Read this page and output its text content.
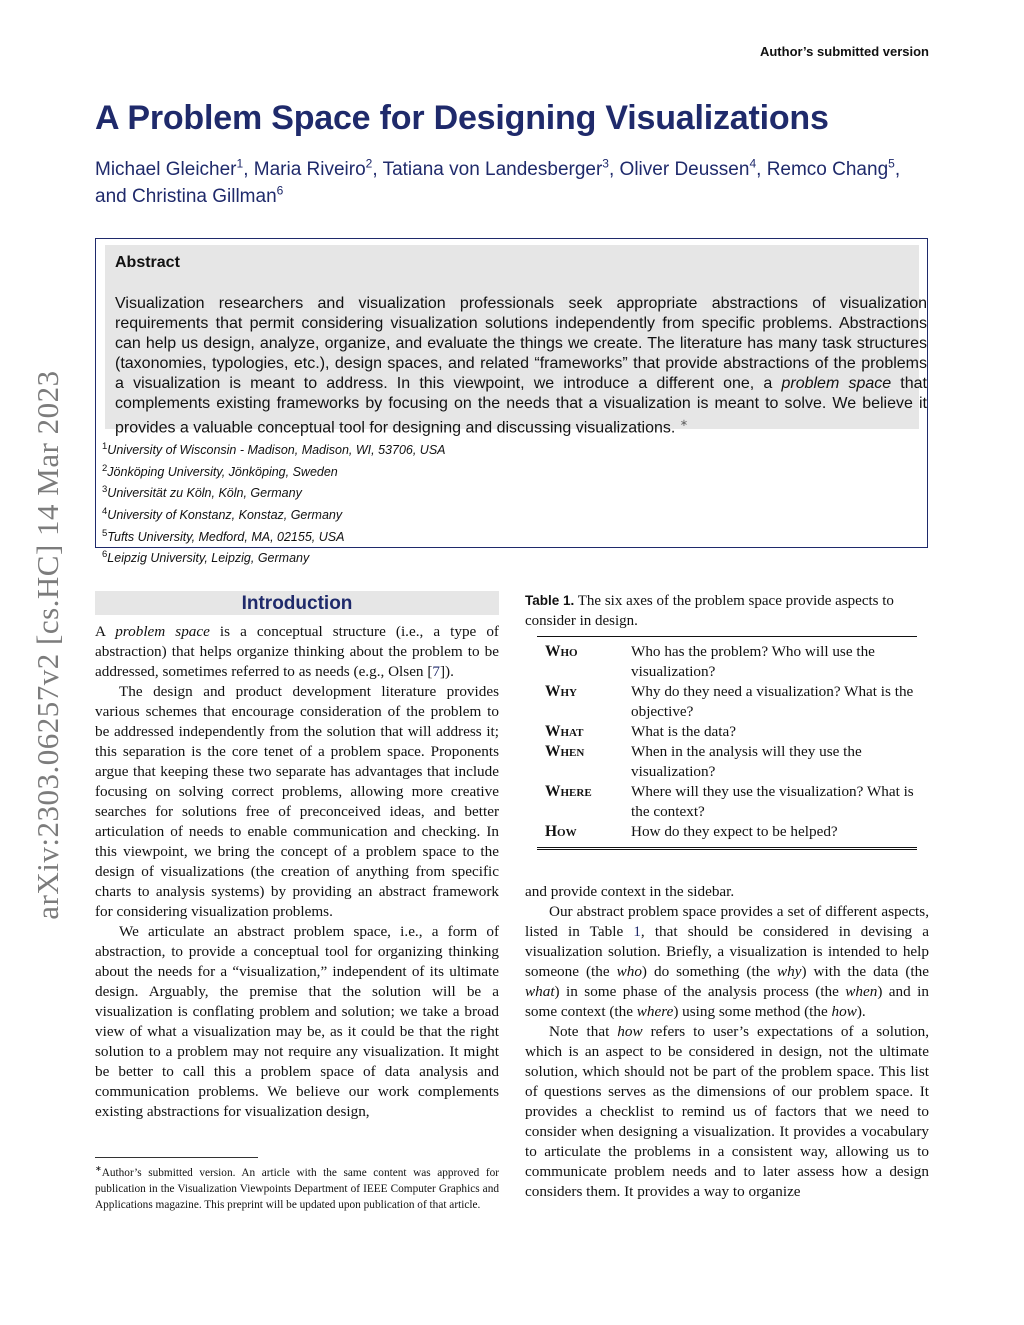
Author’s submitted version
A Problem Space for Designing Visualizations
Michael Gleicher$^1$, Maria Riveiro$^2$, Tatiana von Landesberger$^3$, Oliver Deussen$^4$, Remco Chang$^5$, and Christina Gillman$^6$
arXiv:2303.06257v2 [cs.HC] 14 Mar 2023
Abstract
Visualization researchers and visualization professionals seek appropriate abstractions of visualization requirements that permit considering visualization solutions independently from specific problems. Abstractions can help us design, analyze, organize, and evaluate the things we create. The literature has many task structures (taxonomies, typologies, etc.), design spaces, and related “frameworks” that provide abstractions of the problems a visualization is meant to address. In this viewpoint, we introduce a different one, a problem space that complements existing frameworks by focusing on the needs that a visualization is meant to solve. We believe it provides a valuable conceptual tool for designing and discussing visualizations. ∗
$^1$University of Wisconsin - Madison, Madison, WI, 53706, USA
$^2$Jönköping University, Jönköping, Sweden
$^3$Universität zu Köln, Köln, Germany
$^4$University of Konstanz, Konstaz, Germany
$^5$Tufts University, Medford, MA, 02155, USA
$^6$Leipzig University, Leipzig, Germany
Introduction

A problem space is a conceptual structure (i.e., a type of abstraction) that helps organize thinking about the problem to be addressed, sometimes referred to as needs (e.g., Olsen [7]).

The design and product development literature provides various schemes that encourage consideration of the problem to be addressed independently from the solution that will address it; this separation is the core tenet of a problem space. Proponents argue that keeping these two separate has advantages that include focusing on solving correct problems, allowing more creative searches for solutions free of preconceived ideas, and better articulation of needs to enable communication and checking. In this viewpoint, we bring the concept of a problem space to the design of visualizations (the creation of anything from specific charts to analysis systems) by providing an abstract framework for considering visualization problems.

We articulate an abstract problem space, i.e., a form of abstraction, to provide a conceptual tool for organizing thinking about the needs for a “visualization,” independent of its ultimate design. Arguably, the premise that the solution will be a visualization is conflating problem and solution; we take a broad view of what a visualization may be, as it could be that the right solution to a problem may not require any visualization. It might be better to call this a problem space of data analysis and communication problems. We believe our work complements existing abstractions for visualization design,

∗Author’s submitted version. An article with the same content was approved for publication in the Visualization Viewpoints Department of IEEE Computer Graphics and Applications magazine. This preprint will be updated upon publication of that article.
Table 1. The six axes of the problem space provide aspects to consider in design.

Who	Who has the problem? Who will use the visualization?
Why	Why do they need a visualization? What is the objective?
What	What is the data?
When	When in the analysis will they use the visualization?
Where	Where will they use the visualization? What is the context?
How	How do they expect to be helped?

and provide context in the sidebar.

Our abstract problem space provides a set of different aspects, listed in Table 1, that should be considered in devising a visualization solution. Briefly, a visualization is intended to help someone (the who) do something (the why) with the data (the what) in some phase of the analysis process (the when) and in some context (the where) using some method (the how).

Note that how refers to user’s expectations of a solution, which is an aspect to be considered in design, not the ultimate solution, which should not be part of the problem space. This list of questions serves as the dimensions of our problem space. It provides a checklist to remind us of factors that we need to consider when designing a visualization. It provides a vocabulary to articulate the problems in a consistent way, allowing us to communicate problem needs and to later assess how a design considers them. It provides a way to organize
